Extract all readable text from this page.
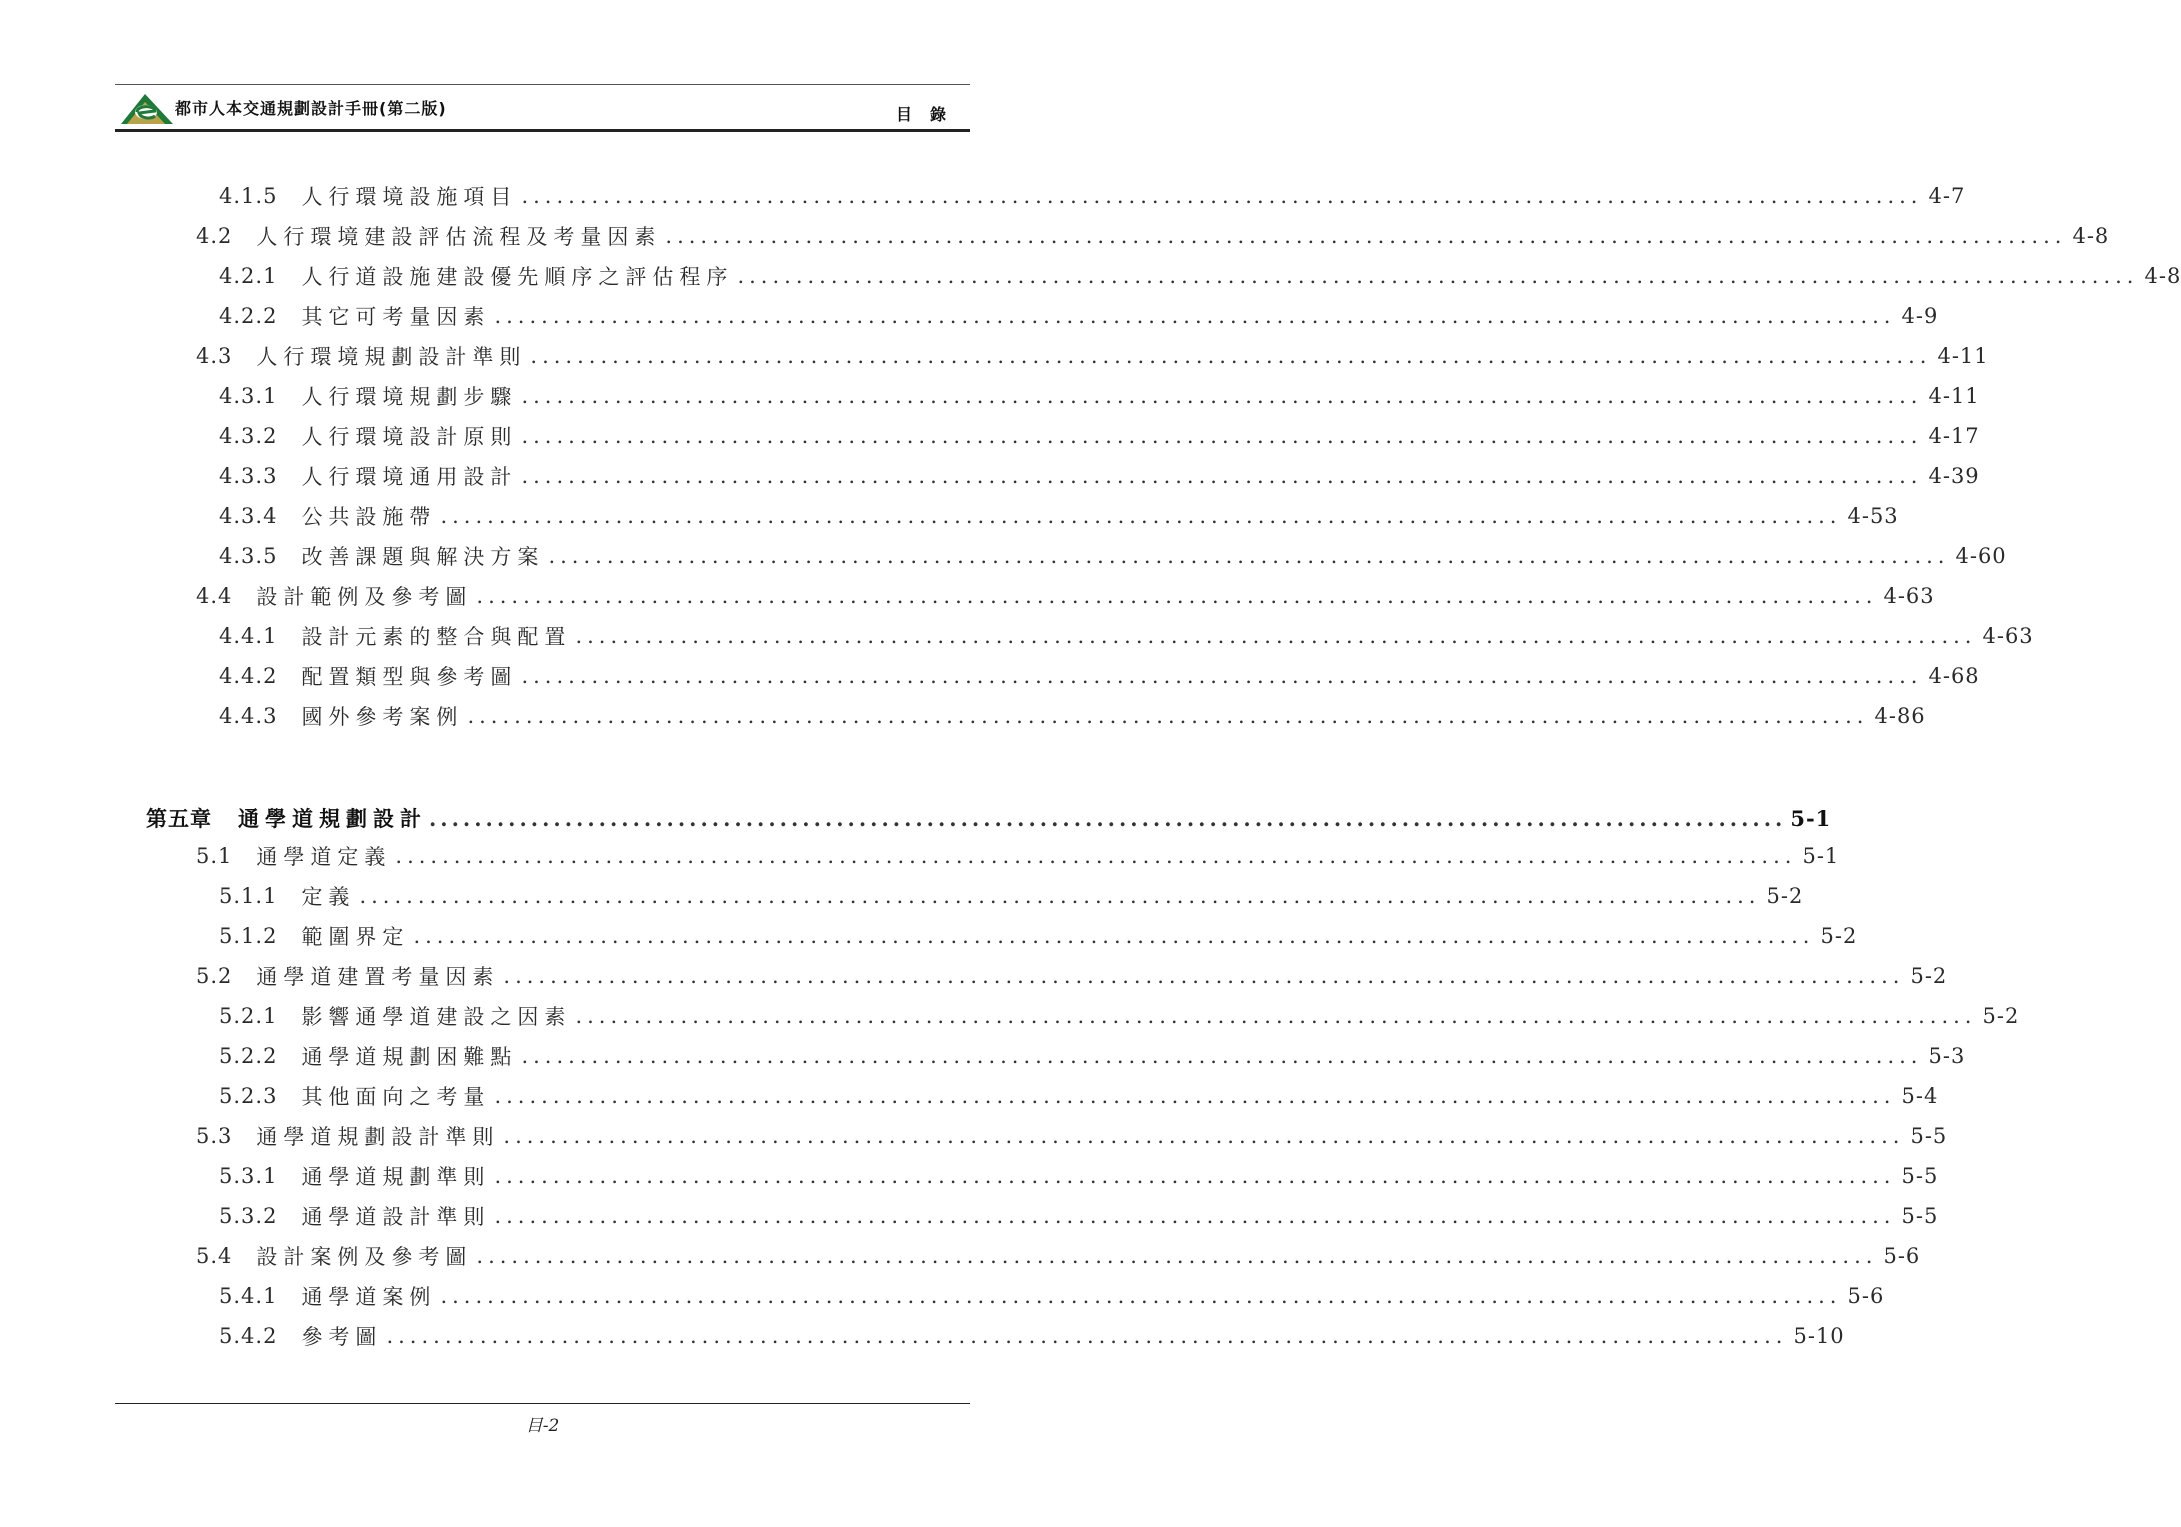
都市人本交通規劃設計手冊(第二版)	目錄
4.1.5 人行環境設施項目 ........................................................................................................................ 4-7
4.2 人行環境建設評估流程及考量因素 ........................................................................................................................ 4-8
4.2.1 人行道設施建設優先順序之評估程序 ........................................................................................................................ 4-8
4.2.2 其它可考量因素 ........................................................................................................................ 4-9
4.3 人行環境規劃設計準則 ........................................................................................................................ 4-11
4.3.1 人行環境規劃步驟 ........................................................................................................................ 4-11
4.3.2 人行環境設計原則 ........................................................................................................................ 4-17
4.3.3 人行環境通用設計 ........................................................................................................................ 4-39
4.3.4 公共設施帶 ........................................................................................................................ 4-53
4.3.5 改善課題與解決方案 ........................................................................................................................ 4-60
4.4 設計範例及參考圖 ........................................................................................................................ 4-63
4.4.1 設計元素的整合與配置 ........................................................................................................................ 4-63
4.4.2 配置類型與參考圖 ........................................................................................................................ 4-68
4.4.3 國外參考案例 ........................................................................................................................ 4-86
第五章 通學道規劃設計 ........................................................................................................................ 5-1
5.1 通學道定義 ........................................................................................................................ 5-1
5.1.1 定義 ........................................................................................................................ 5-2
5.1.2 範圍界定 ........................................................................................................................ 5-2
5.2 通學道建置考量因素 ........................................................................................................................ 5-2
5.2.1 影響通學道建設之因素 ........................................................................................................................ 5-2
5.2.2 通學道規劃困難點 ........................................................................................................................ 5-3
5.2.3 其他面向之考量 ........................................................................................................................ 5-4
5.3 通學道規劃設計準則 ........................................................................................................................ 5-5
5.3.1 通學道規劃準則 ........................................................................................................................ 5-5
5.3.2 通學道設計準則 ........................................................................................................................ 5-5
5.4 設計案例及參考圖 ........................................................................................................................ 5-6
5.4.1 通學道案例 ........................................................................................................................ 5-6
5.4.2 參考圖 ........................................................................................................................ 5-10
目-2
